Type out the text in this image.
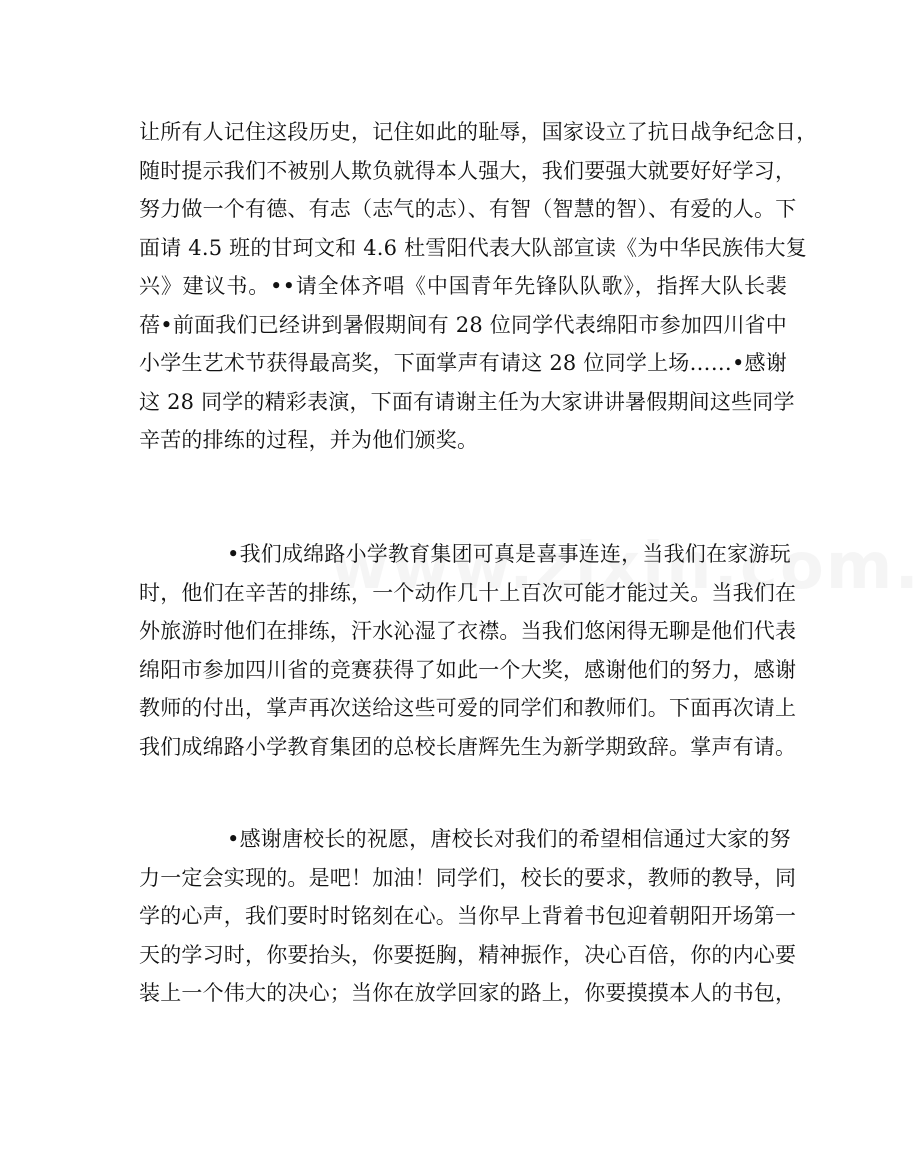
让所有人记住这段历史，记住如此的耻辱，国家设立了抗日战争纪念日，
随时提示我们不被别人欺负就得本人强大，我们要强大就要好好学习，
努力做一个有德、有志（志气的志）、有智（智慧的智）、有爱的人。下
面请 4.5 班的甘珂文和 4.6 杜雪阳代表大队部宣读《为中华民族伟大复
兴》建议书。••请全体齐唱《中国青年先锋队队歌》，指挥大队长裴
蓓•前面我们已经讲到暑假期间有 28 位同学代表绵阳市参加四川省中
小学生艺术节获得最高奖，下面掌声有请这 28 位同学上场……•感谢
这 28 同学的精彩表演，下面有请谢主任为大家讲讲暑假期间这些同学
辛苦的排练的过程，并为他们颁奖。
•我们成绵路小学教育集团可真是喜事连连，当我们在家游玩
时，他们在辛苦的排练，一个动作几十上百次可能才能过关。当我们在
外旅游时他们在排练，汗水沁湿了衣襟。当我们悠闲得无聊是他们代表
绵阳市参加四川省的竞赛获得了如此一个大奖，感谢他们的努力，感谢
教师的付出，掌声再次送给这些可爱的同学们和教师们。下面再次请上
我们成绵路小学教育集团的总校长唐辉先生为新学期致辞。掌声有请。
•感谢唐校长的祝愿，唐校长对我们的希望相信通过大家的努
力一定会实现的。是吧！加油！同学们，校长的要求，教师的教导，同
学的心声，我们要时时铭刻在心。当你早上背着书包迎着朝阳开场第一
天的学习时，你要抬头，你要挺胸，精神振作，决心百倍，你的内心要
装上一个伟大的决心；当你在放学回家的路上，你要摸摸本人的书包，
